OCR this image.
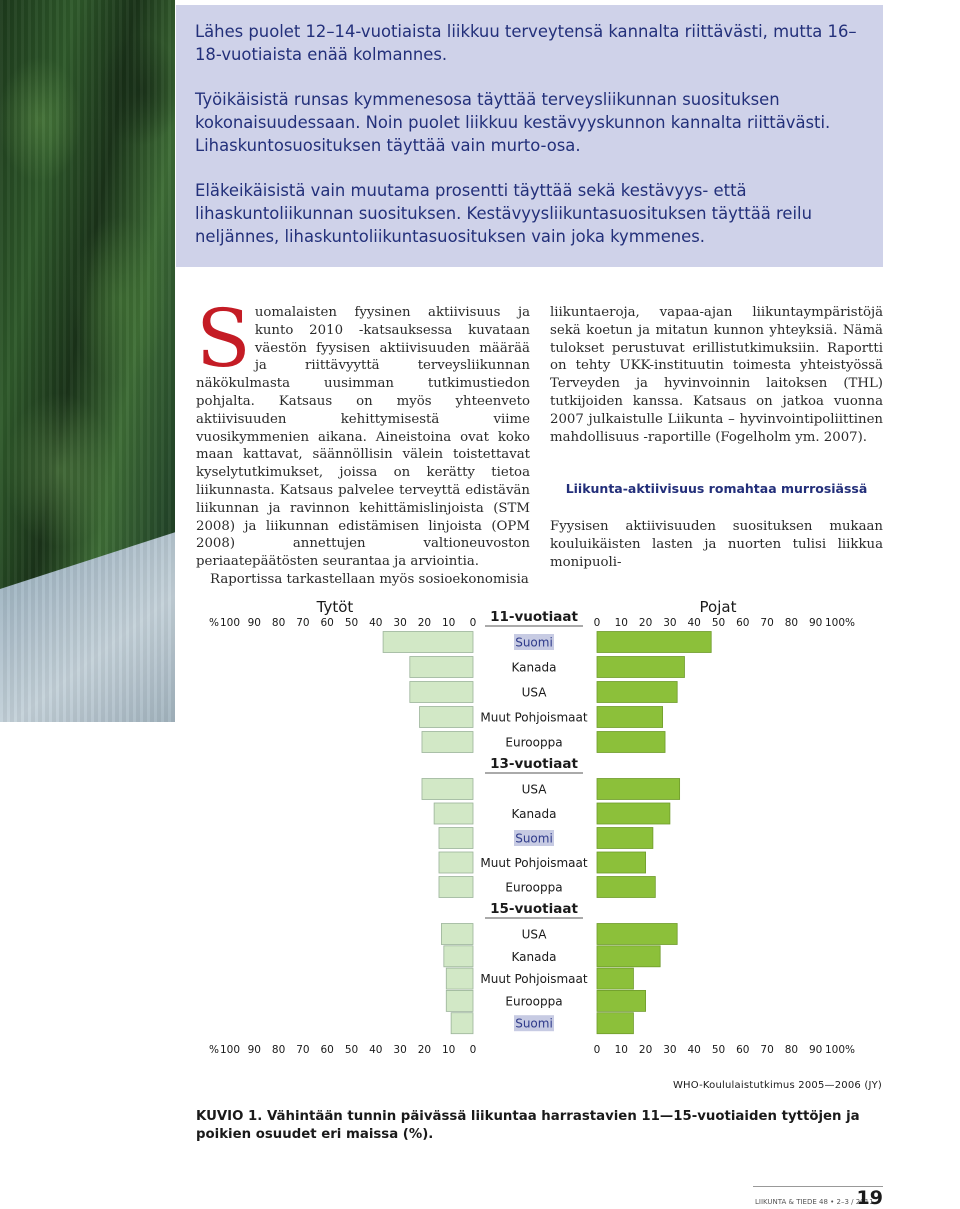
Lähes puolet 12–14-vuotiaista liikkuu terveytensä kannalta riittävästi, mutta 16–18-vuotiaista enää kolmannes.

Työikäisistä runsas kymmenesosa täyttää terveysliikunnan suosituksen kokonaisuudessaan. Noin puolet liikkuu kestävyyskunnon kannalta riittävästi. Lihaskuntosuosituksen täyttää vain murto-osa.

Eläkeikäisistä vain muutama prosentti täyttää sekä kestävyys- että lihaskuntoliikunnan suosituksen. Kestävyysliikuntasuosituksen täyttää reilu neljännes, lihaskuntoliikuntasuosituksen vain joka kymmenes.

S uomalaisten fyysinen aktiivisuus ja kunto 2010 -katsauksessa kuvataan väestön fyysisen aktiivisuuden määrää ja riittävyyttä terveysliikunnan näkökulmasta uusimman tutkimustiedon pohjalta. Katsaus on myös yhteenveto aktiivisuuden kehittymisestä viime vuosikymmenien aikana. Aineistoina ovat koko maan kattavat, säännöllisin välein toistettavat kyselytutkimukset, joissa on kerätty tietoa liikunnasta. Katsaus palvelee terveyttä edistävän liikunnan ja ravinnon kehittämislinjoista (STM 2008) ja liikunnan edistämisen linjoista (OPM 2008) annettujen valtioneuvoston periaatepäätösten seurantaa ja arviointia.

Raportissa tarkastellaan myös sosioekonomisia

liikuntaeroja, vapaa-ajan liikuntaympäristöjä sekä koetun ja mitatun kunnon yhteyksiä. Nämä tulokset perustuvat erillistutkimuksiin. Raportti on tehty UKK-instituutin toimesta yhteistyössä Terveyden ja hyvinvoinnin laitoksen (THL) tutkijoiden kanssa. Katsaus on jatkoa vuonna 2007 julkaistulle Liikunta – hyvinvointipoliittinen mahdollisuus -raportille (Fogelholm ym. 2007).

Liikunta-aktiivisuus romahtaa murrosiässä

Fyysisen aktiivisuuden suosituksen mukaan kouluikäisten lasten ja nuorten tulisi liikkua monipuoli-

Tytöt	Pojat
% 100 90 80 70 60 50 40 30 20 10 0	0 10 20 30 40 50 60 70 80 90 100%
% 100 90 80 70 60 50 40 30 20 10 0	0 10 20 30 40 50 60 70 80 90 100%
11-vuotiaat
Suomi
Kanada
USA
Muut Pohjoismaat
Eurooppa
13-vuotiaat
USA
Kanada
Suomi
Muut Pohjoismaat
Eurooppa
15-vuotiaat
USA
Kanada
Muut Pohjoismaat
Eurooppa
Suomi
WHO-Koululaistutkimus 2005—2006 (JY)
KUVIO 1. Vähintään tunnin päivässä liikuntaa harrastavien 11—15-vuotiaiden tyttöjen ja poikien osuudet eri maissa (%).
LIIKUNTA & TIEDE 48 • 2–3 / 2011
19
